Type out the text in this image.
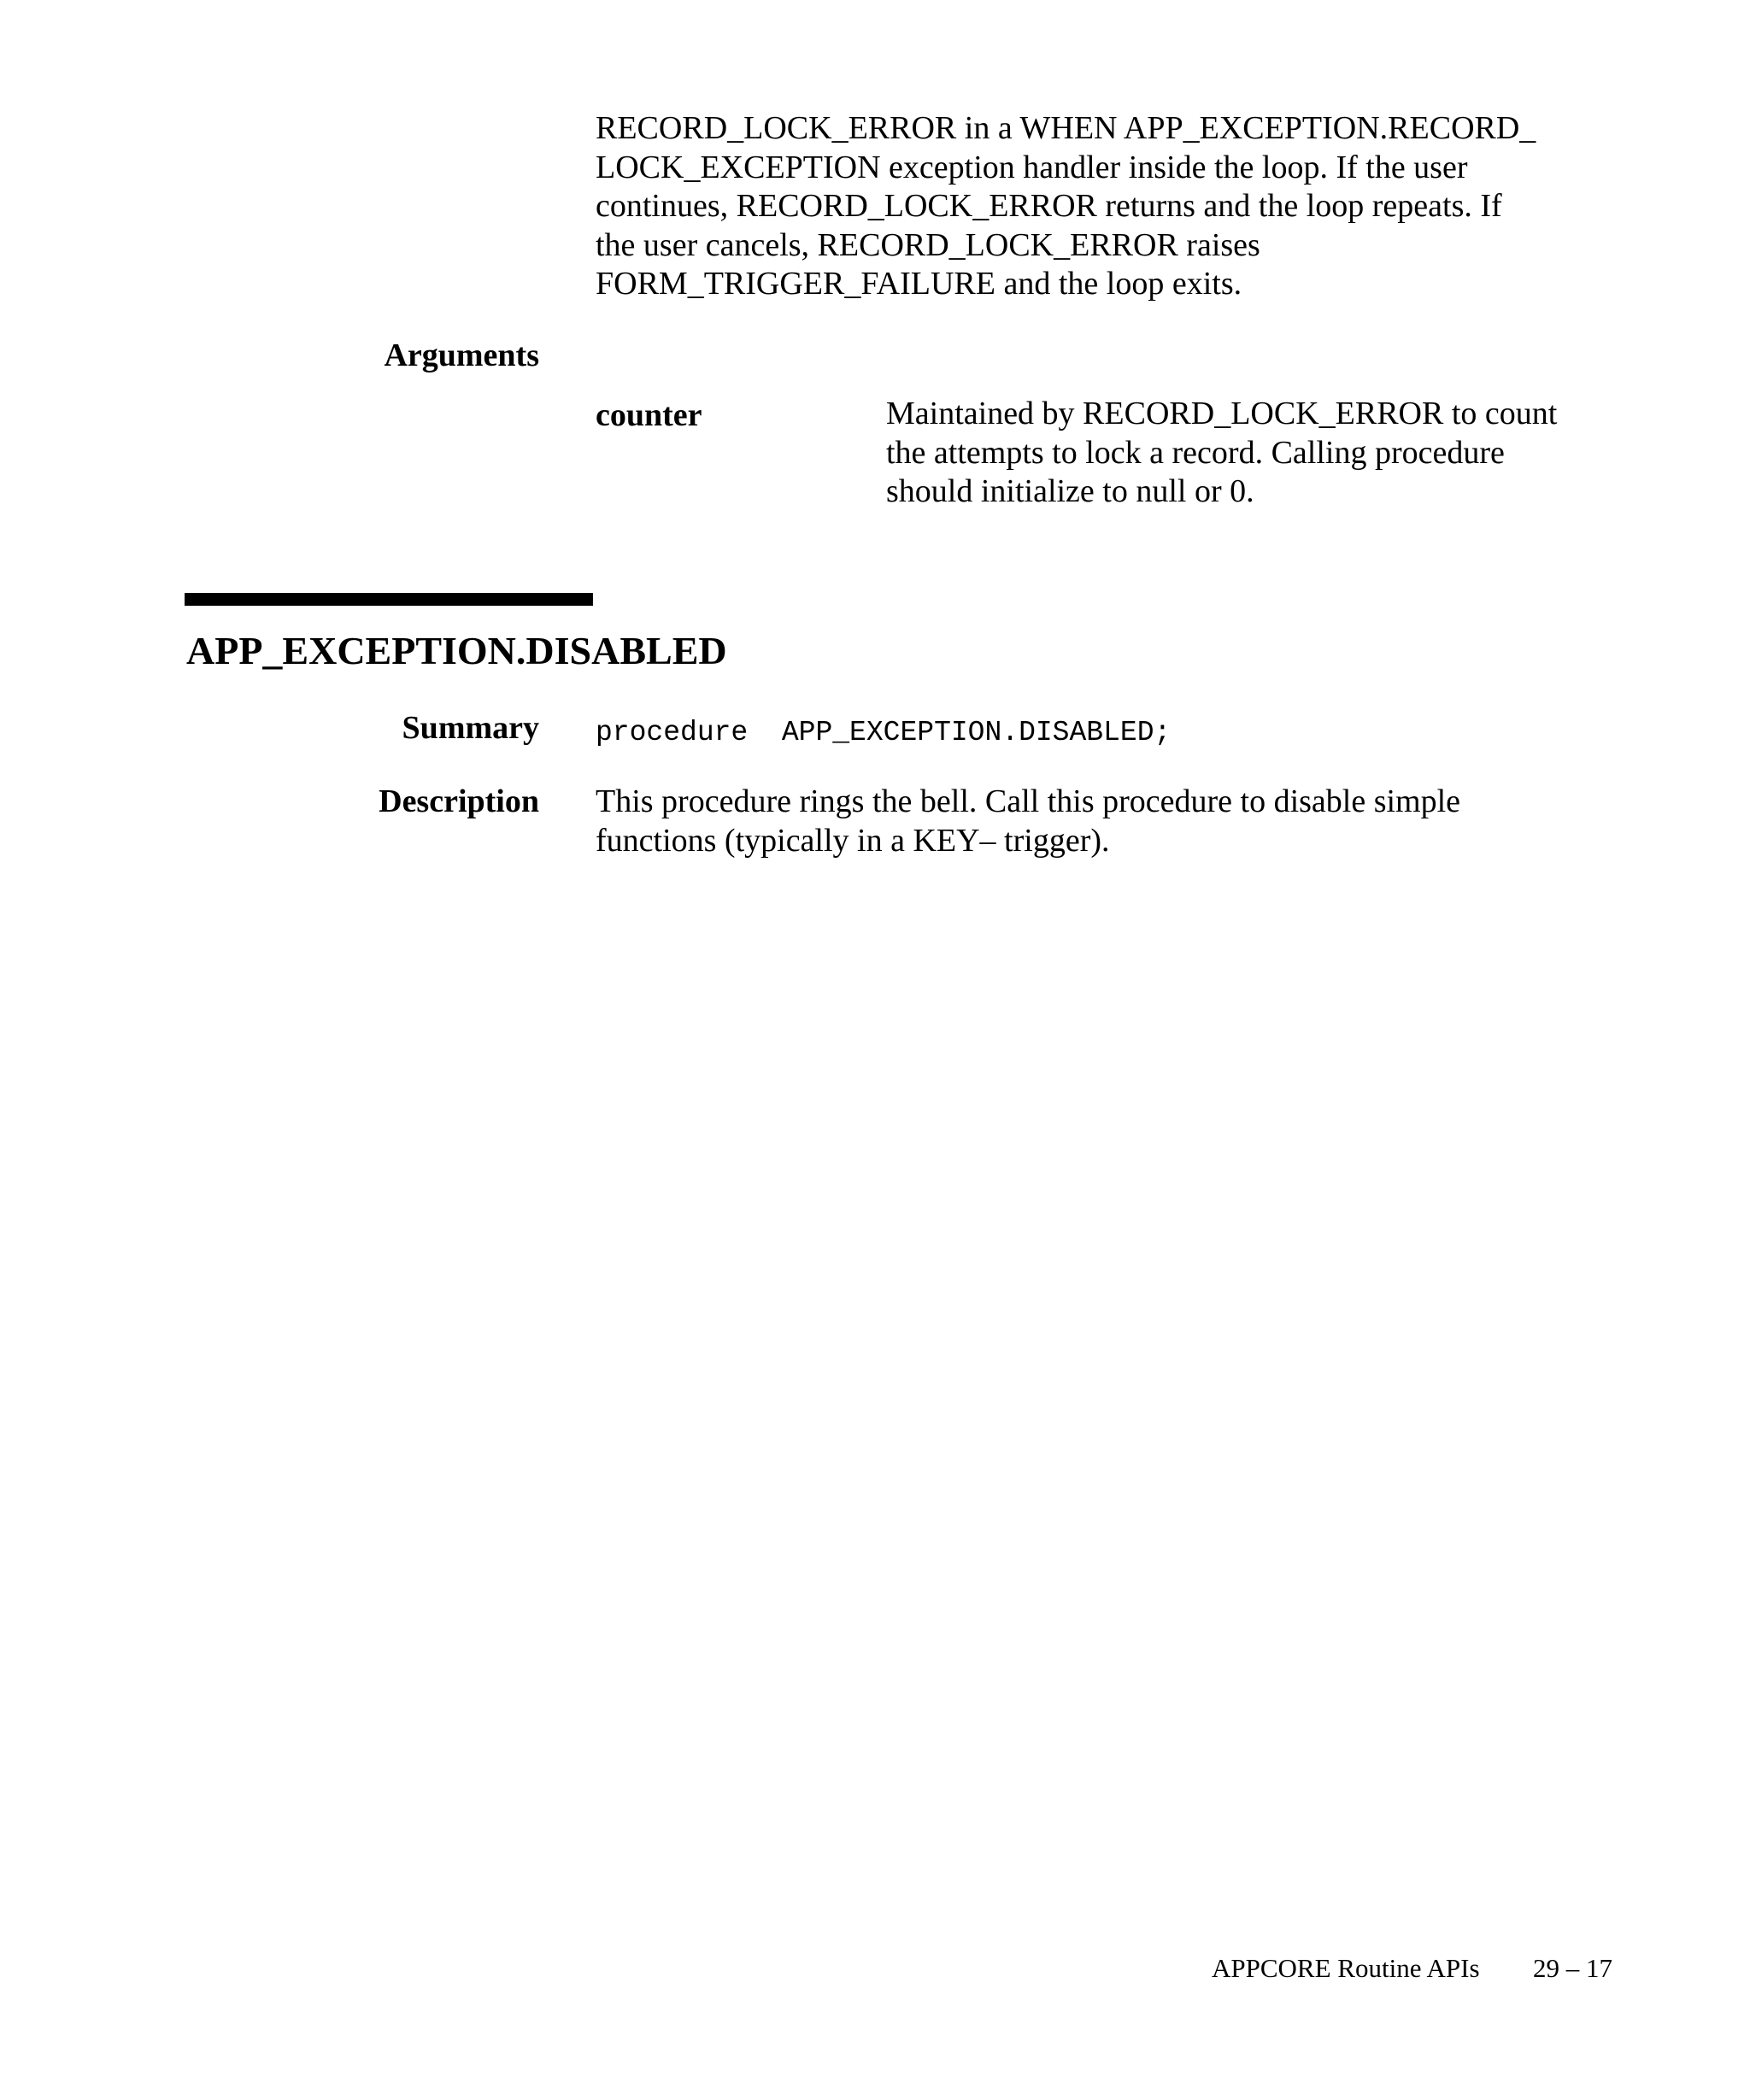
RECORD_LOCK_ERROR in a WHEN APP_EXCEPTION.RECORD_
LOCK_EXCEPTION exception handler inside the loop. If the user
continues, RECORD_LOCK_ERROR returns and the loop repeats. If
the user cancels, RECORD_LOCK_ERROR raises
FORM_TRIGGER_FAILURE and the loop exits.
Arguments
counter	Maintained by RECORD_LOCK_ERROR to count
the attempts to lock a record. Calling procedure
should initialize to null or 0.
APP_EXCEPTION.DISABLED
Summary procedure  APP_EXCEPTION.DISABLED;
Description This procedure rings the bell. Call this procedure to disable simple
functions (typically in a KEY– trigger).
APPCORE Routine APIs 29 – 17
